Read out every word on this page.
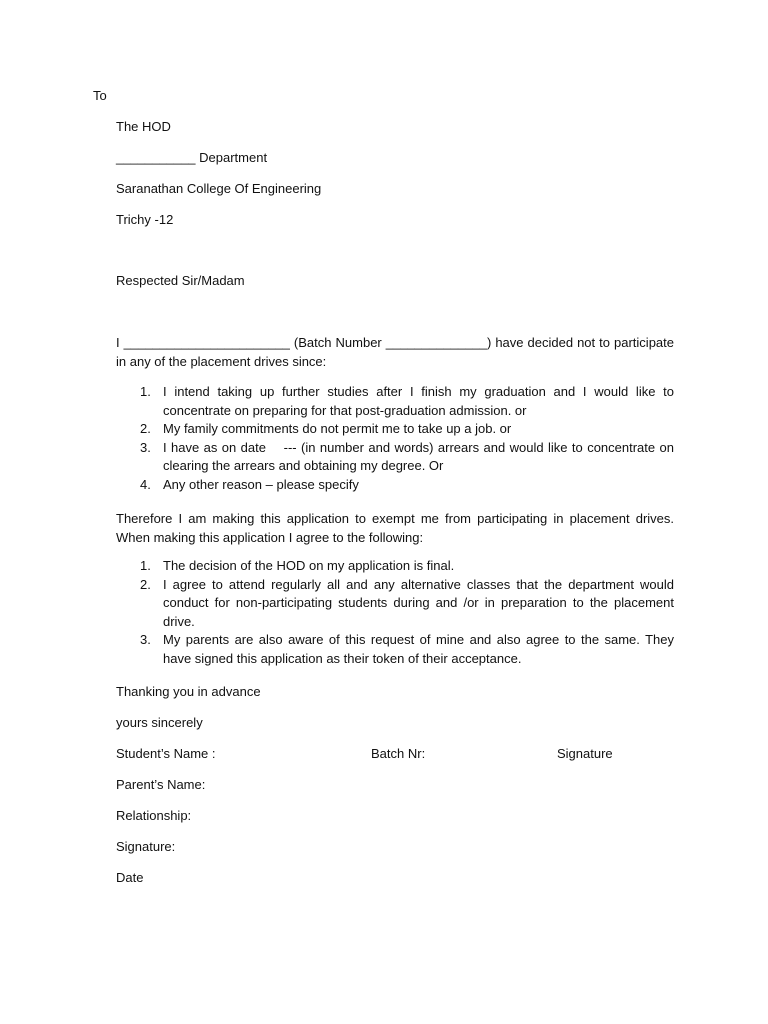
To
The HOD
___________ Department
Saranathan College Of Engineering
Trichy -12
Respected Sir/Madam
I _______________________ (Batch Number ______________) have decided not to participate in any of the placement drives since:
1. I intend taking up further studies after I finish my graduation and I would like to concentrate on preparing for that post-graduation admission. or
2. My family commitments do not permit me to take up a job. or
3. I have as on date    --- (in number and words) arrears and would like to concentrate on clearing the arrears and obtaining my degree. Or
4. Any other reason – please specify
Therefore I am making this application to exempt me from participating in placement drives. When making this application I agree to the following:
1. The decision of the HOD on my application is final.
2. I agree to attend regularly all and any alternative classes that the department would conduct for non-participating students during and /or in preparation to the placement drive.
3. My parents are also aware of this request of mine and also agree to the same. They have signed this application as their token of their acceptance.
Thanking you in advance
yours sincerely
Student’s Name :	Batch Nr:	Signature
Parent’s Name:
Relationship:
Signature:
Date
